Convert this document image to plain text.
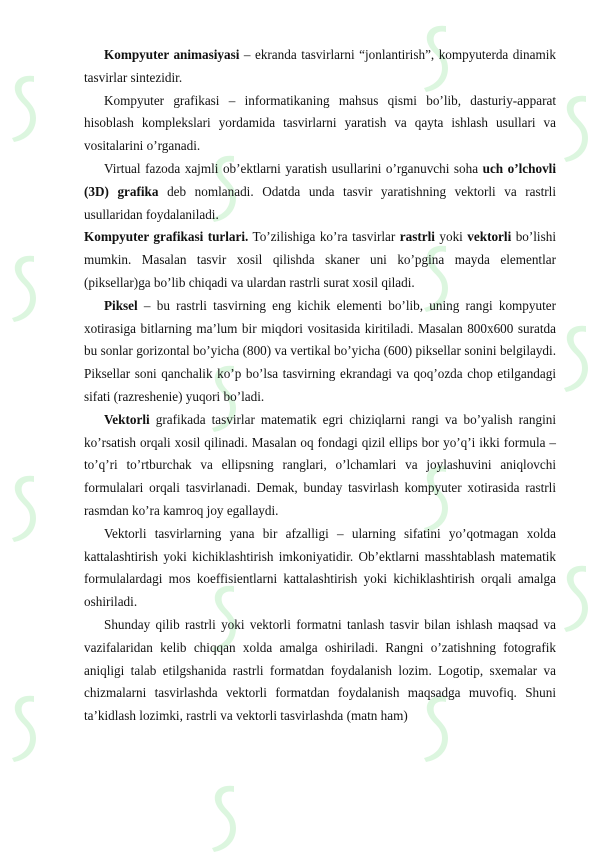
Kompyuter animasiyasi – ekranda tasvirlarni “jonlantirish”, kompyuterda dinamik tasvirlar sintezidir.

Kompyuter grafikasi – informatikaning mahsus qismi bo’lib, dasturiy-apparat hisoblash komplekslari yordamida tasvirlarni yaratish va qayta ishlash usullari va vositalarini o’rganadi.

Virtual fazoda xajmli ob’ektlarni yaratish usullarini o’rganuvchi soha uch o’lchovli (3D) grafika deb nomlanadi. Odatda unda tasvir yaratishning vektorli va rastrli usullaridan foydalaniladi.

Kompyuter grafikasi turlari. To’zilishiga ko’ra tasvirlar rastrli yoki vektorli bo’lishi mumkin. Masalan tasvir xosil qilishda skaner uni ko’pgina mayda elementlar (piksellar)ga bo’lib chiqadi va ulardan rastrli surat xosil qiladi.

Piksel – bu rastrli tasvirning eng kichik elementi bo’lib, uning rangi kompyuter xotirasiga bitlarning ma’lum bir miqdori vositasida kiritiladi. Masalan 800x600 suratda bu sonlar gorizontal bo’yicha (800) va vertikal bo’yicha (600) piksellar sonini belgilaydi. Piksellar soni qanchalik ko’p bo’lsa tasvirning ekrandagi va qoq’ozda chop etilgandagi sifati (razreshenie) yuqori bo’ladi.

Vektorli grafikada tasvirlar matematik egri chiziqlarni rangi va bo’yalish rangini ko’rsatish orqali xosil qilinadi. Masalan oq fondagi qizil ellips bor yo’q’i ikki formula – to’q’ri to’rtburchak va ellipsning ranglari, o’lchamlari va joylashuvini aniqlovchi formulalari orqali tasvirlanadi. Demak, bunday tasvirlash kompyuter xotirasida rastrli rasmdan ko’ra kamroq joy egallaydi.

Vektorli tasvirlarning yana bir afzalligi – ularning sifatini yo’qotmagan xolda kattalashtirish yoki kichiklashtirish imkoniyatidir. Ob’ektlarni masshtablash matematik formulalardagi mos koeffisientlarni kattalashtirish yoki kichiklashtirish orqali amalga oshiriladi.

Shunday qilib rastrli yoki vektorli formatni tanlash tasvir bilan ishlash maqsad va vazifalaridan kelib chiqqan xolda amalga oshiriladi. Rangni o’zatishning fotografik aniqligi talab etilgshanida rastrli formatdan foydalanish lozim. Logotip, sxemalar va chizmalarni tasvirlashda vektorli formatdan foydalanish maqsadga muvofiq. Shuni ta’kidlash lozimki, rastrli va vektorli tasvirlashda (matn ham)
